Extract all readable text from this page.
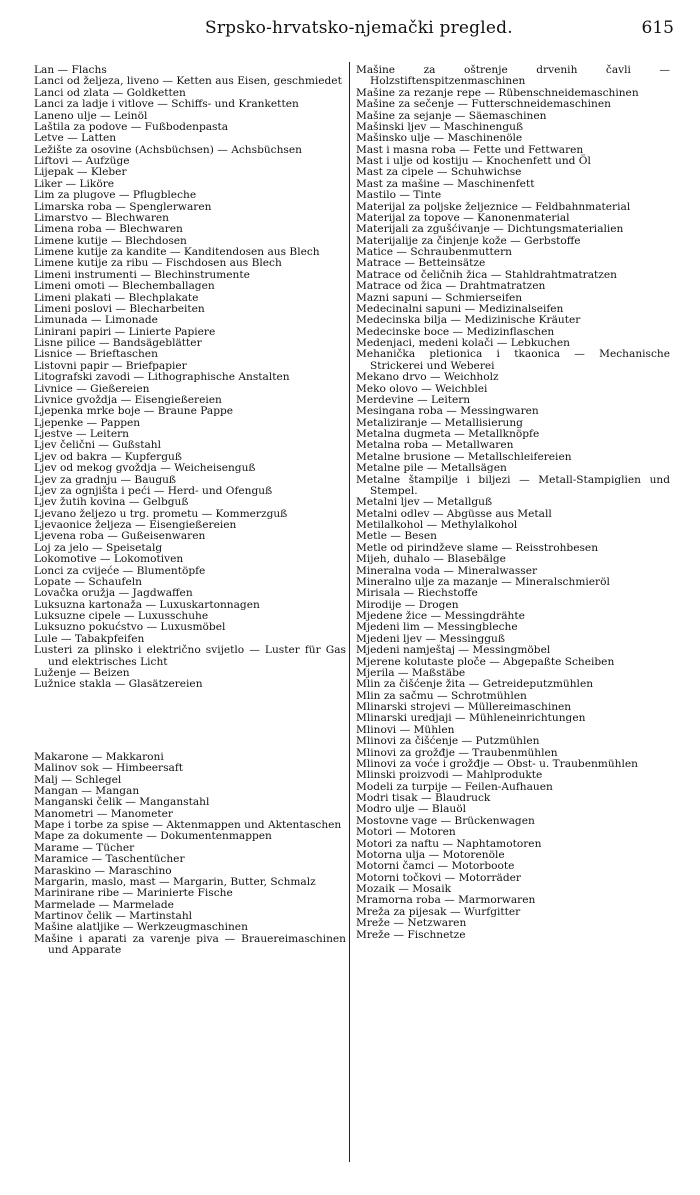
Srpsko-hrvatsko-njemački pregled.	615

Lan — Flachs

Lanci od željeza, liveno — Ketten aus Eisen, geschmiedet

Lanci od zlata — Goldketten

Lanci za ladje i vitlove — Schiffs- und Kranketten

Laneno ulje — Leinöl

Laštila za podove — Fußbodenpasta

Letve — Latten

Ležište za osovine (Achsbüchsen) — Achsbüchsen

Liftovi — Aufzüge

Lijepak — Kleber

Liker — Liköre

Lim za plugove — Pflugbleche

Limarska roba — Spenglerwaren

Limarstvo — Blechwaren

Limena roba — Blechwaren

Limene kutije — Blechdosen

Limene kutije za kandite — Kanditendosen aus Blech

Limene kutije za ribu — Fischdosen aus Blech

Limeni instrumenti — Blechinstrumente

Limeni omoti — Blechemballagen

Limeni plakati — Blechplakate

Limeni poslovi — Blecharbeiten

Limunada — Limonade

Linirani papiri — Linierte Papiere

Lisne pilice — Bandsägeblätter

Lisnice — Brieftaschen

Listovni papir — Briefpapier

Litografski zavodi — Lithographische Anstalten

Livnice — Gießereien

Livnice gvoždja — Eisengießereien

Ljepenka mrke boje — Braune Pappe

Ljepenke — Pappen

Ljestve — Leitern

Ljev čelični — Gußstahl

Ljev od bakra — Kupferguß

Ljev od mekog gvoždja — Weicheisenguß

Ljev za gradnju — Bauguß

Ljev za ognjišta i peći — Herd- und Ofenguß

Ljev žutih kovina — Gelbguß

Ljevano željezo u trg. prometu — Kommerzguß

Ljevaonice željeza — Eisengießereien

Ljevena roba — Gußeisenwaren

Loj za jelo — Speisetalg

Lokomotive — Lokomotiven

Lonci za cvijeće — Blumentöpfe

Lopate — Schaufeln

Lovačka oružja — Jagdwaffen

Luksuzna kartonaža — Luxuskartonnagen

Luksuzne cipele — Luxusschuhe

Luksuzno pokućstvo — Luxusmöbel

Lule — Tabakpfeifen

Lusteri za plinsko i električno svijetlo — Luster für Gas und elektrisches Licht

Luženje — Beizen

Lužnice stakla — Glasätzereien

Makarone — Makkaroni

Malinov sok — Himbeersaft

Malj — Schlegel

Mangan — Mangan

Manganski čelik — Manganstahl

Manometri — Manometer

Mape i torbe za spise — Aktenmappen und Aktentaschen

Mape za dokumente — Dokumentenmappen

Marame — Tücher

Maramice — Taschentücher

Maraskino — Maraschino

Margarin, maslo, mast — Margarin, Butter, Schmalz

Marinirane ribe — Marinierte Fische

Marmelade — Marmelade

Martinov čelik — Martinstahl

Mašine alatljike — Werkzeugmaschinen

Mašine i aparati za varenje piva — Brauereimaschinen und Apparate

Mašine za oštrenje drvenih čavli — Holzstiftenspitzenmaschinen

Mašine za rezanje repe — Rübenschneidemaschinen

Mašine za sečenje — Futterschneidemaschinen

Mašine za sejanje — Säemaschinen

Mašinski ljev — Maschinenguß

Mašinsko ulje — Maschinenöle

Mast i masna roba — Fette und Fettwaren

Mast i ulje od kostiju — Knochenfett und Öl

Mast za cipele — Schuhwichse

Mast za mašine — Maschinenfett

Mastilo — Tinte

Materijal za poljske željeznice — Feldbahnmaterial

Materijal za topove — Kanonenmaterial

Materijali za zgušćivanje — Dichtungsmaterialien

Materijalije za činjenje kože — Gerbstoffe

Matice — Schraubenmuttern

Matrace — Betteinsätze

Matrace od čeličnih žica — Stahldrahtmatratzen

Matrace od žica — Drahtmatratzen

Mazni sapuni — Schmierseifen

Medecinalni sapuni — Medizinalseifen

Medecinska bilja — Medizinische Kräuter

Medecinske boce — Medizinflaschen

Medenjaci, medeni kolači — Lebkuchen

Mehanička pletionica i tkaonica — Mechanische Strickerei und Weberei

Mekano drvo — Weichholz

Meko olovo — Weichblei

Merdevine — Leitern

Mesingana roba — Messingwaren

Metaliziranje — Metallisierung

Metalna dugmeta — Metallknöpfe

Metalna roba — Metallwaren

Metalne brusione — Metallschleifereien

Metalne pile — Metallsägen

Metalne štampilje i biljezi — Metall-Stampiglien und Stempel.

Metalni ljev — Metallguß

Metalni odlev — Abgüsse aus Metall

Metilalkohol — Methylalkohol

Metle — Besen

Metle od pirindževe slame — Reisstrohbesen

Mijeh, duhalo — Blasebälge

Mineralna voda — Mineralwasser

Mineralno ulje za mazanje — Mineralschmieröl

Mirisala — Riechstoffe

Mirodije — Drogen

Mjedene žice — Messingdrähte

Mjedeni lim — Messingbleche

Mjedeni ljev — Messingguß

Mjedeni namještaj — Messingmöbel

Mjerene kolutaste ploče — Abgepaßte Scheiben

Mjerila — Maßstäbe

Mlin za čišćenje žita — Getreideputzmühlen

Mlin za sačmu — Schrotmühlen

Mlinarski strojevi — Müllereimaschinen

Mlinarski uredjaji — Mühleneinrichtungen

Mlinovi — Mühlen

Mlinovi za čišćenje — Putzmühlen

Mlinovi za grožđje — Traubenmühlen

Mlinovi za voće i grožđje — Obst- u. Traubenmühlen

Mlinski proizvodi — Mahlprodukte

Modeli za turpije — Feilen-Aufhauen

Modri tisak — Blaudruck

Modro ulje — Blauöl

Mostovne vage — Brückenwagen

Motori — Motoren

Motori za naftu — Naphtamotoren

Motorna ulja — Motorenöle

Motorni čamci — Motorboote

Motorni točkovi — Motorräder

Mozaik — Mosaik

Mramorna roba — Marmorwaren

Mreža za pijesak — Wurfgitter

Mreže — Netzwaren

Mreže — Fischnetze
